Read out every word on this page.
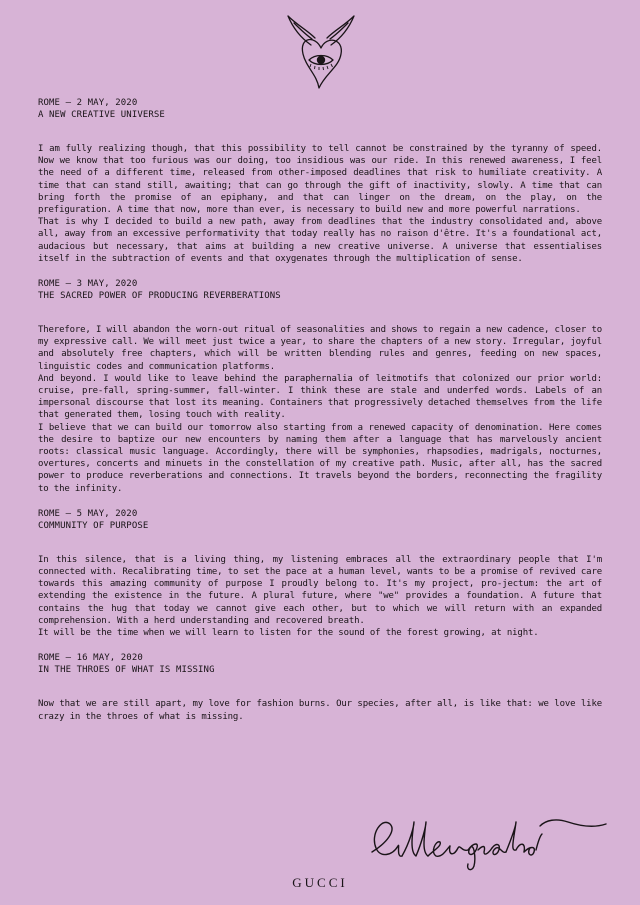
ROME – 2 MAY, 2020
A NEW CREATIVE UNIVERSE

I am fully realizing though, that this possibility to tell cannot be constrained by the tyranny of speed. Now we know that too furious was our doing, too insidious was our ride. In this renewed awareness, I feel the need of a different time, released from other-imposed deadlines that risk to humiliate creativity. A time that can stand still, awaiting; that can go through the gift of inactivity, slowly. A time that can bring forth the promise of an epiphany, and that can linger on the dream, on the play, on the prefiguration. A time that now, more than ever, is necessary to build new and more powerful narrations.

That is why I decided to build a new path, away from deadlines that the industry consolidated and, above all, away from an excessive performativity that today really has no raison d'être. It's a foundational act, audacious but necessary, that aims at building a new creative universe. A universe that essentialises itself in the subtraction of events and that oxygenates through the multiplication of sense.

ROME – 3 MAY, 2020
THE SACRED POWER OF PRODUCING REVERBERATIONS

Therefore, I will abandon the worn-out ritual of seasonalities and shows to regain a new cadence, closer to my expressive call. We will meet just twice a year, to share the chapters of a new story. Irregular, joyful and absolutely free chapters, which will be written blending rules and genres, feeding on new spaces, linguistic codes and communication platforms.

And beyond. I would like to leave behind the paraphernalia of leitmotifs that colonized our prior world: cruise, pre-fall, spring-summer, fall-winter. I think these are stale and underfed words. Labels of an impersonal discourse that lost its meaning. Containers that progressively detached themselves from the life that generated them, losing touch with reality.

I believe that we can build our tomorrow also starting from a renewed capacity of denomination. Here comes the desire to baptize our new encounters by naming them after a language that has marvelously ancient roots: classical music language. Accordingly, there will be symphonies, rhapsodies, madrigals, nocturnes, overtures, concerts and minuets in the constellation of my creative path. Music, after all, has the sacred power to produce reverberations and connections. It travels beyond the borders, reconnecting the fragility to the infinity.

ROME – 5 MAY, 2020
COMMUNITY OF PURPOSE

In this silence, that is a living thing, my listening embraces all the extraordinary people that I'm connected with. Recalibrating time, to set the pace at a human level, wants to be a promise of revived care towards this amazing community of purpose I proudly belong to. It's my project, pro-jectum: the art of extending the existence in the future. A plural future, where "we" provides a foundation. A future that contains the hug that today we cannot give each other, but to which we will return with an expanded comprehension. With a herd understanding and recovered breath.

It will be the time when we will learn to listen for the sound of the forest growing, at night.

ROME – 16 MAY, 2020
IN THE THROES OF WHAT IS MISSING

Now that we are still apart, my love for fashion burns. Our species, after all, is like that: we love like crazy in the throes of what is missing.

GUCCI
